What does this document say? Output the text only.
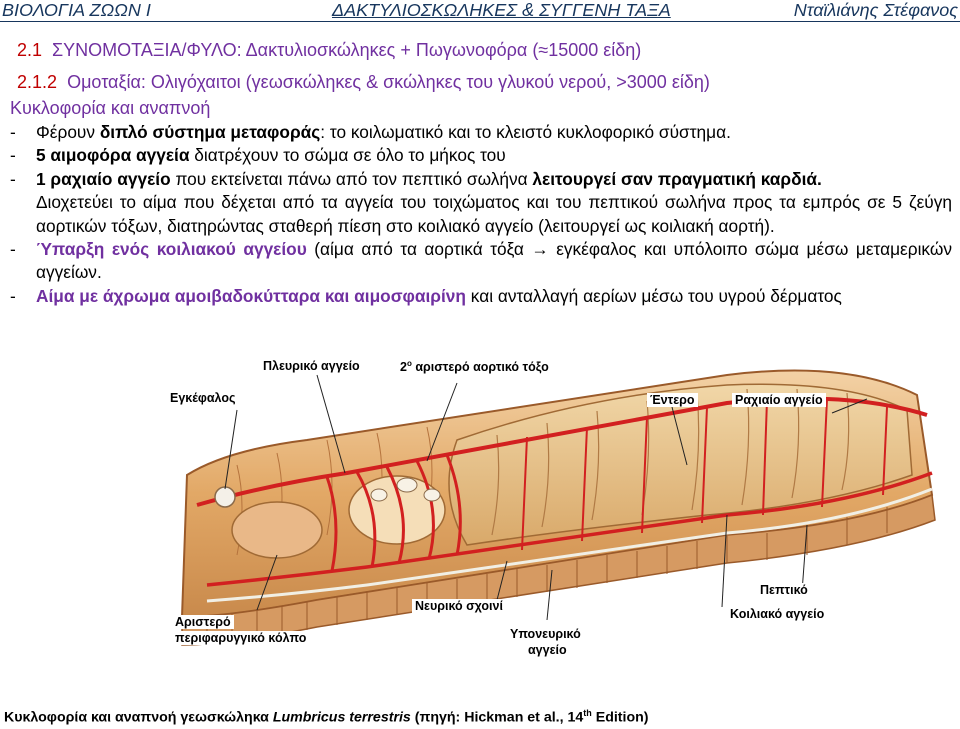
ΒΙΟΛΟΓΙΑ ΖΩΩΝ Ι	ΔΑΚΤΥΛΙΟΣΚΩΛΗΚΕΣ & ΣΥΓΓΕΝΗ ΤΑΞΑ	Νταϊλιάνης Στέφανος
2.1 ΣΥΝΟΜΟΤΑΞΙΑ/ΦΥΛΟ: Δακτυλιοσκώληκες + Πωγωνοφόρα (≈15000 είδη)
2.1.2 Ομοταξία: Ολιγόχαιτοι (γεωσκώληκες & σκώληκες του γλυκού νερού, >3000 είδη)
Κυκλοφορία και αναπνοή
-	Φέρουν διπλό σύστημα μεταφοράς: το κοιλωματικό και το κλειστό κυκλοφορικό σύστημα.
-	5 αιμοφόρα αγγεία διατρέχουν το σώμα σε όλο το μήκος του
-	1 ραχιαίο αγγείο που εκτείνεται πάνω από τον πεπτικό σωλήνα λειτουργεί σαν πραγματική καρδιά.
Διοχετεύει το αίμα που δέχεται από τα αγγεία του τοιχώματος και του πεπτικού σωλήνα προς τα εμπρός σε 5 ζεύγη αορτικών τόξων, διατηρώντας σταθερή πίεση στο κοιλιακό αγγείο (λειτουργεί ως κοιλιακή αορτή).
-	Ύπαρξη ενός κοιλιακού αγγείου (αίμα από τα αορτικά τόξα → εγκέφαλος και υπόλοιπο σώμα μέσω μεταμερικών αγγείων.
-	Αίμα με άχρωμα αμοιβαδοκύτταρα και αιμοσφαιρίνη και ανταλλαγή αερίων μέσω του υγρού δέρματος
Πλευρικό αγγείο	$2^o$ αριστερό αορτικό τόξο
Εγκέφαλος	Έντερο	Ραχιαίο αγγείο
Νευρικό σχοινί
Πεπτικό
Κοιλιακό αγγείο
Αριστερό
περιφαρυγγικό κόλπο	Υπονευρικό
αγγείο
Κυκλοφορία και αναπνοή γεωσκώληκα Lumbricus terrestris (πηγή: Hickman et al., 14th Edition)
